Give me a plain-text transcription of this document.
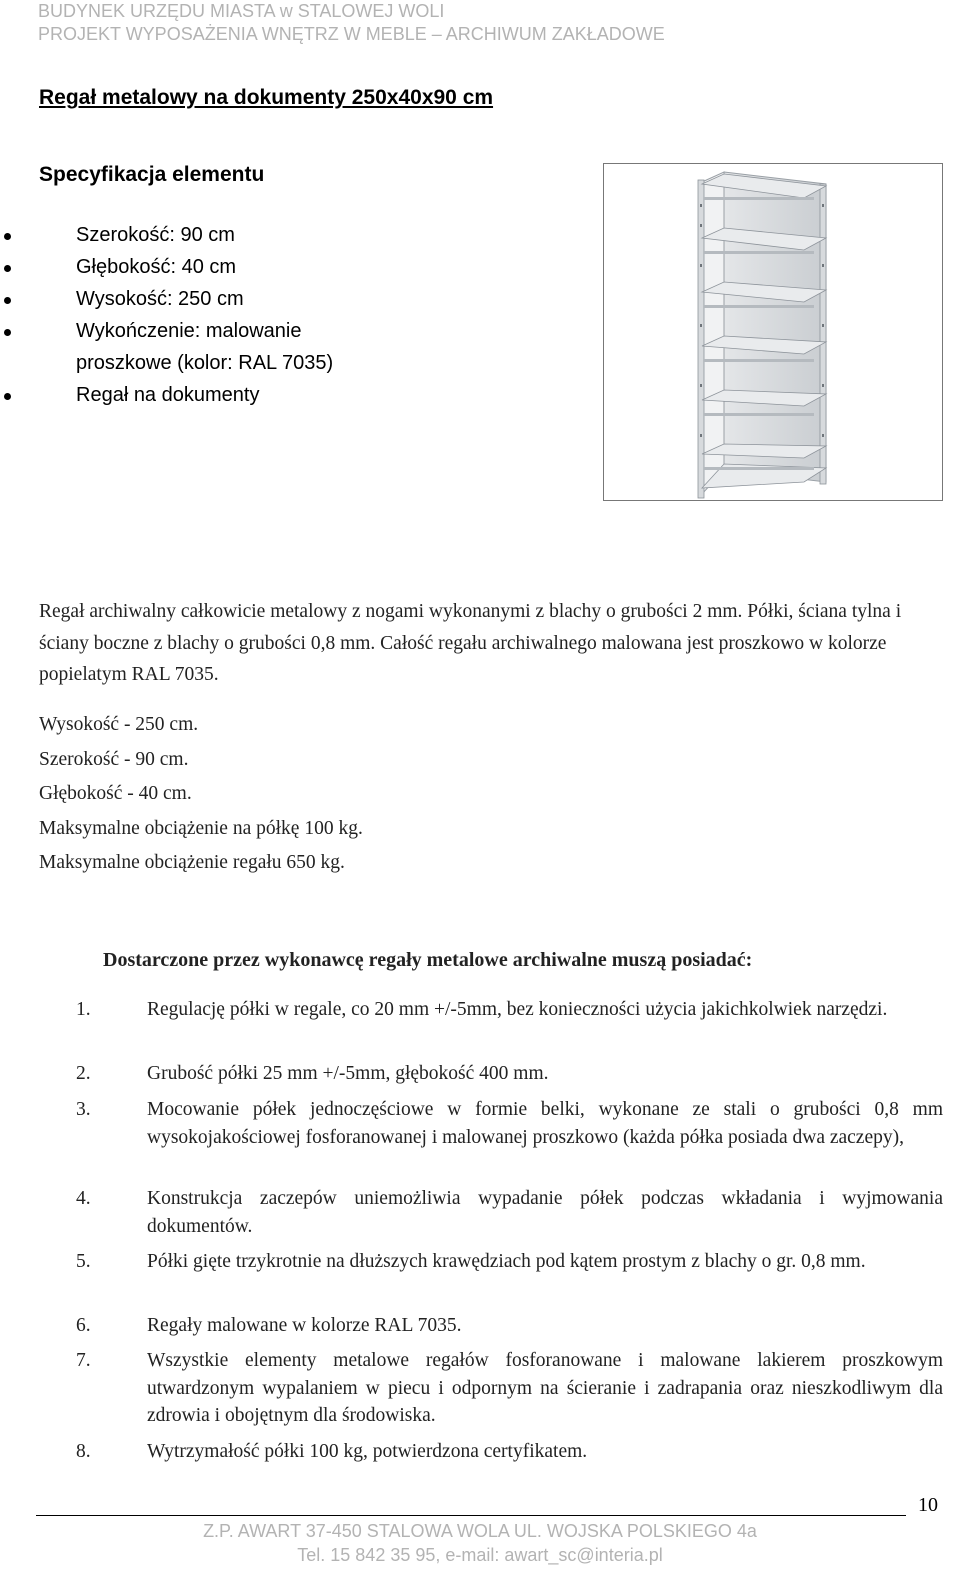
BUDYNEK URZĘDU MIASTA w STALOWEJ WOLI
PROJEKT WYPOSAŻENIA WNĘTRZ W MEBLE – ARCHIWUM ZAKŁADOWE
Regał metalowy na dokumenty 250x40x90 cm
Specyfikacja elementu
Szerokość: 90 cm
Głębokość: 40 cm
Wysokość: 250 cm
Wykończenie: malowanie
proszkowe (kolor: RAL 7035)
Regał na dokumenty
Regał archiwalny całkowicie metalowy z nogami wykonanymi z blachy o grubości 2 mm. Półki, ściana tylna i ściany boczne z blachy o grubości 0,8 mm. Całość regału archiwalnego malowana jest proszkowo w kolorze popielatym RAL 7035.
Wysokość - 250 cm.
Szerokość - 90 cm.
Głębokość - 40 cm.
Maksymalne obciążenie na półkę 100 kg.
Maksymalne obciążenie regału 650 kg.
Dostarczone przez wykonawcę regały metalowe archiwalne muszą posiadać:
1.	Regulację półki w regale, co 20 mm +/-5mm, bez konieczności użycia jakichkolwiek narzędzi.
2.	Grubość półki 25 mm +/-5mm, głębokość 400 mm.
3.	Mocowanie półek jednoczęściowe w formie belki, wykonane ze stali o grubości 0,8 mm wysokojakościowej fosforanowanej i malowanej proszkowo (każda półka posiada dwa zaczepy),
4.	Konstrukcja zaczepów uniemożliwia wypadanie półek podczas wkładania i wyjmowania dokumentów.
5.	Półki gięte trzykrotnie na dłuższych krawędziach pod kątem prostym z blachy o gr. 0,8 mm.
6.	Regały malowane w kolorze RAL 7035.
7.	Wszystkie elementy metalowe regałów fosforanowane i malowane lakierem proszkowym utwardzonym wypalaniem w piecu i odpornym na ścieranie i zadrapania oraz nieszkodliwym dla zdrowia i obojętnym dla środowiska.
8.	Wytrzymałość półki 100 kg, potwierdzona certyfikatem.
10
Z.P. AWART 37-450 STALOWA WOLA UL. WOJSKA POLSKIEGO 4a
Tel. 15 842 35 95, e-mail: awart_sc@interia.pl
